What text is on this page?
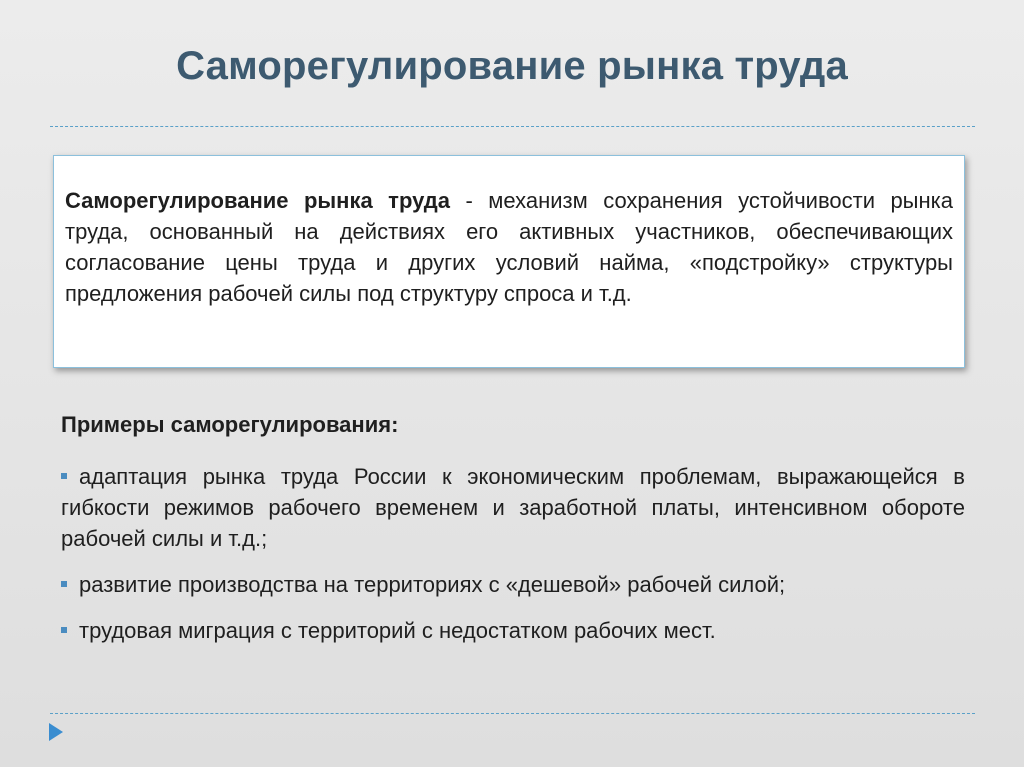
Саморегулирование рынка труда
Саморегулирование рынка труда - механизм сохранения устойчивости рынка труда, основанный на действиях его активных участников, обеспечивающих согласование цены труда и других условий найма, «подстройку» структуры предложения рабочей силы под структуру спроса и т.д.
Примеры саморегулирования:
адаптация рынка труда России к экономическим проблемам, выражающейся в гибкости режимов рабочего временем и заработной платы, интенсивном обороте рабочей силы и т.д.;
развитие производства на территориях с «дешевой» рабочей силой;
трудовая миграция с территорий с недостатком рабочих мест.
